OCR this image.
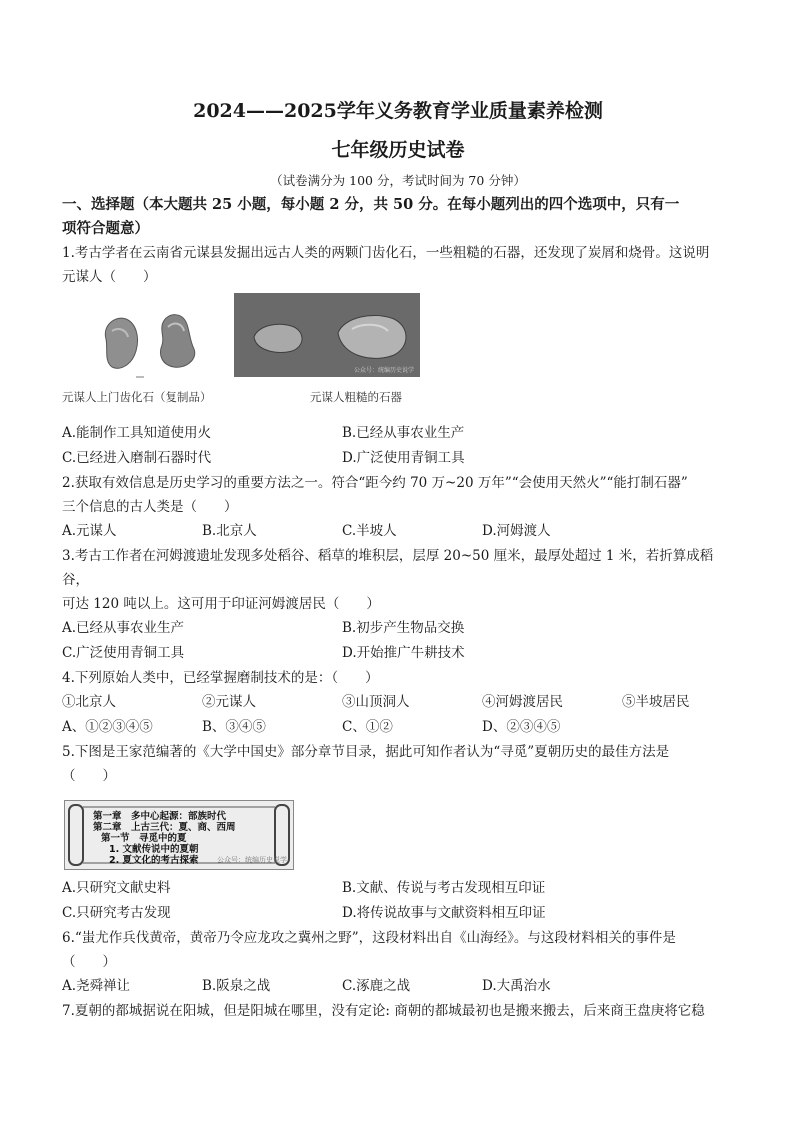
2024——2025学年义务教育学业质量素养检测
七年级历史试卷
（试卷满分为 100 分，考试时间为 70 分钟）
一、选择题（本大题共 25 小题，每小题 2 分，共 50 分。在每小题列出的四个选项中，只有一
项符合题意）
1.考古学者在云南省元谋县发掘出远古人类的两颗门齿化石，一些粗糙的石器，还发现了炭屑和烧骨。这说明
元谋人（　　）
公众号：统编历史说学
元谋人上门齿化石（复制品）	元谋人粗糙的石器
A.能制作工具知道使用火	B.已经从事农业生产
C.已经进入磨制石器时代	D.广泛使用青铜工具
2.获取有效信息是历史学习的重要方法之一。符合“距今约 70 万~20 万年”“会使用天然火”“能打制石器”
三个信息的古人类是（　　）
A.元谋人	B.北京人	C.半坡人	D.河姆渡人
3.考古工作者在河姆渡遗址发现多处稻谷、稻草的堆积层，层厚 20~50 厘米，最厚处超过 1 米，若折算成稻谷，
可达 120 吨以上。这可用于印证河姆渡居民（　　）
A.已经从事农业生产	B.初步产生物品交换
C.广泛使用青铜工具	D.开始推广牛耕技术
4.下列原始人类中，已经掌握磨制技术的是：（　　）
①北京人	②元谋人	③山顶洞人	④河姆渡居民	⑤半坡居民
A、①②③④⑤	B、③④⑤	C、①②	D、②③④⑤
5.下图是王家范编著的《大学中国史》部分章节目录，据此可知作者认为“寻觅”夏朝历史的最佳方法是
（　　）
第一章　多中心起源：部族时代
第二章　上古三代：夏、商、西周
第一节　寻觅中的夏
1. 文献传说中的夏朝
2. 夏文化的考古探索	公众号：统编历史说学
A.只研究文献史料	B.文献、传说与考古发现相互印证
C.只研究考古发现	D.将传说故事与文献资料相互印证
6.“蚩尤作兵伐黄帝，黄帝乃令应龙攻之冀州之野”，这段材料出自《山海经》。与这段材料相关的事件是
（　　）
A.尧舜禅让	B.阪泉之战	C.涿鹿之战	D.大禹治水
7.夏朝的都城据说在阳城，但是阳城在哪里，没有定论: 商朝的都城最初也是搬来搬去，后来商王盘庚将它稳
